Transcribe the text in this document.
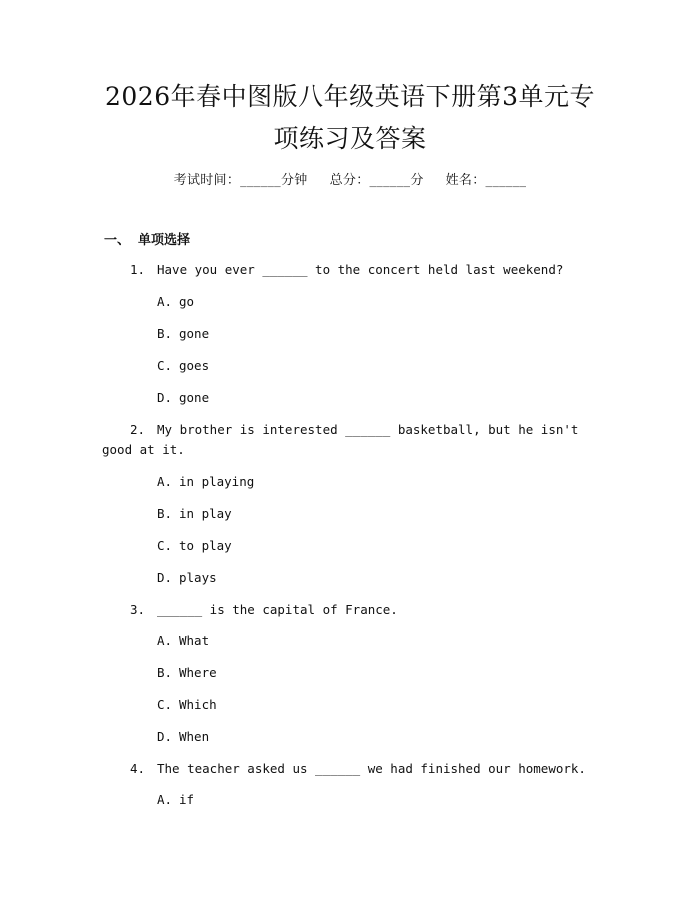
2026年春中图版八年级英语下册第3单元专
项练习及答案
考试时间：______分钟 总分：______分 姓名：______
一、 单项选择
1. Have you ever ______ to the concert held last weekend?
A. go
B. gone
C. goes
D. gone
2. My brother is interested ______ basketball, but he isn't good at it.
A. in playing
B. in play
C. to play
D. plays
3. ______ is the capital of France.
A. What
B. Where
C. Which
D. When
4. The teacher asked us ______ we had finished our homework.
A. if
